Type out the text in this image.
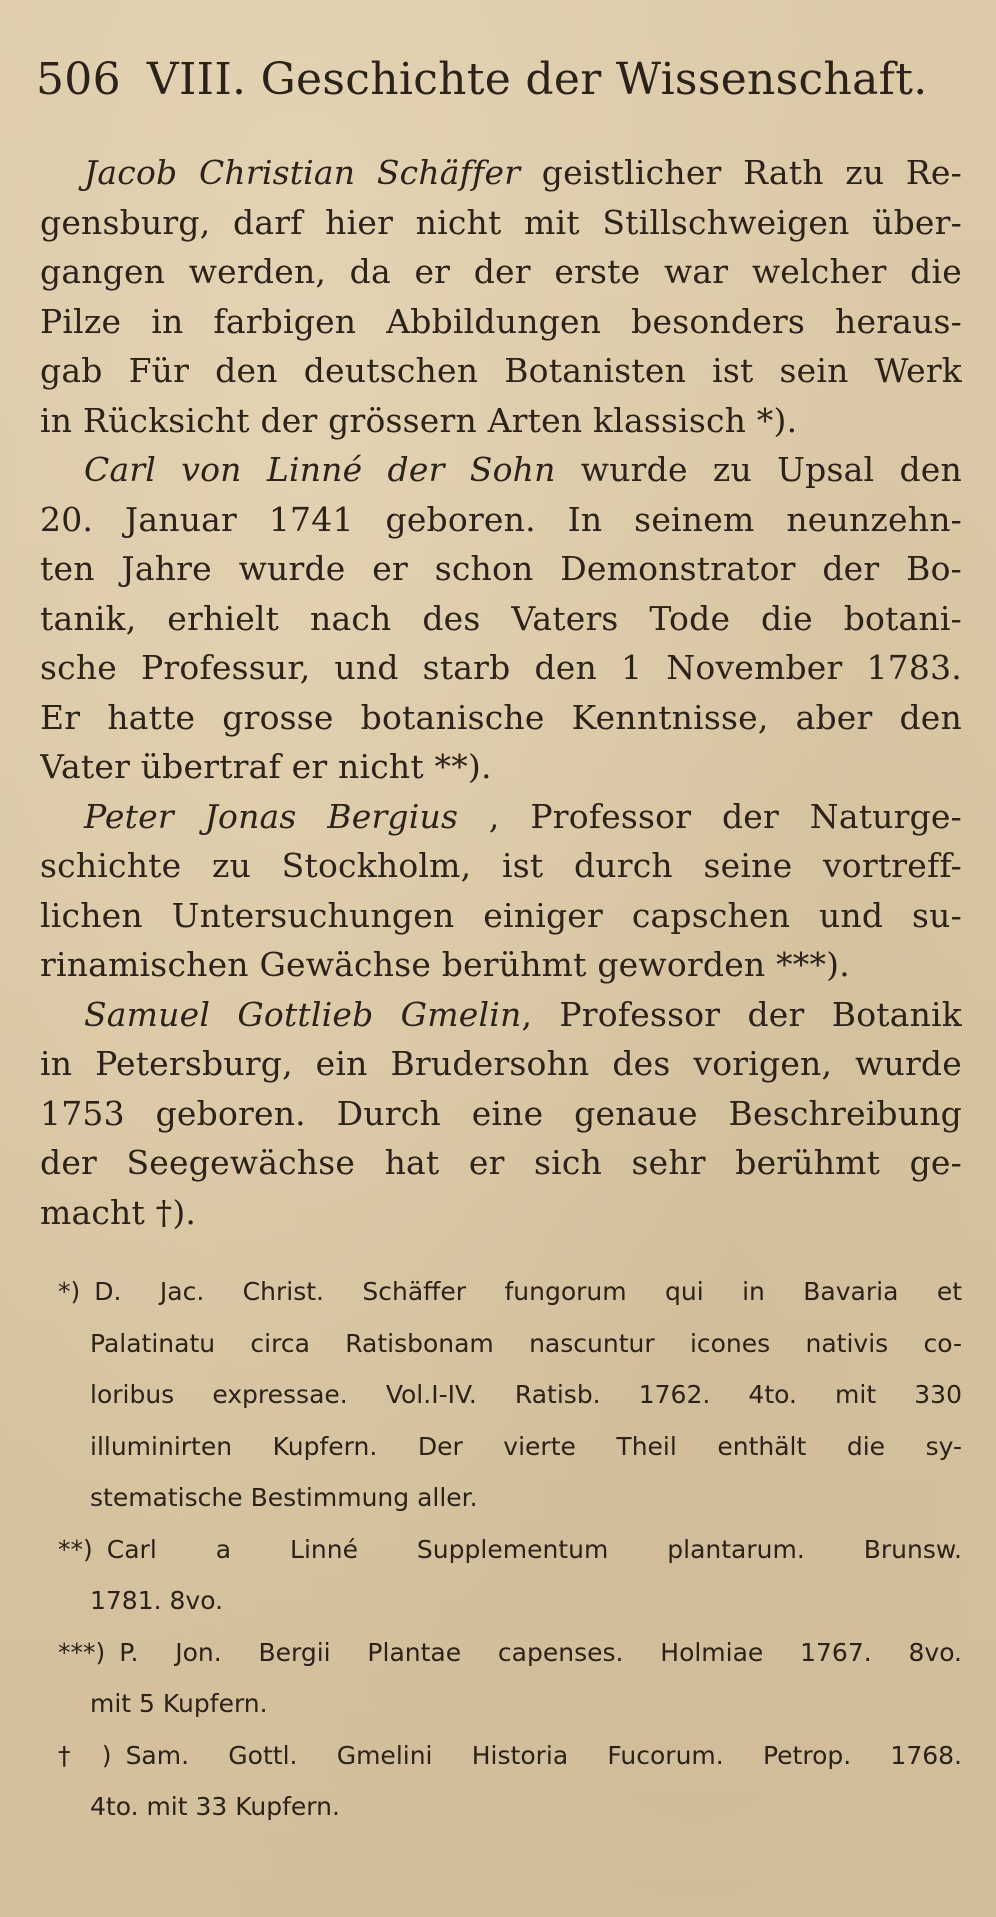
506 VIII. Geschichte der Wissenschaft.
Jacob Christian Schäffer geistlicher Rath zu Re-
gensburg, darf hier nicht mit Stillschweigen über-
gangen werden, da er der erste war welcher die
Pilze in farbigen Abbildungen besonders heraus-
gab Für den deutschen Botanisten ist sein Werk
in Rücksicht der grössern Arten klassisch *).
Carl von Linné der Sohn wurde zu Upsal den
20. Januar 1741 geboren. In seinem neunzehn-
ten Jahre wurde er schon Demonstrator der Bo-
tanik, erhielt nach des Vaters Tode die botani-
sche Professur, und starb den 1 November 1783.
Er hatte grosse botanische Kenntnisse, aber den
Vater übertraf er nicht **).
Peter Jonas Bergius , Professor der Naturge-
schichte zu Stockholm, ist durch seine vortreff-
lichen Untersuchungen einiger capschen und su-
rinamischen Gewächse berühmt geworden ***).
Samuel Gottlieb Gmelin, Professor der Botanik
in Petersburg, ein Brudersohn des vorigen, wurde
1753 geboren. Durch eine genaue Beschreibung
der Seegewächse hat er sich sehr berühmt ge-
macht †).
*) D. Jac. Christ. Schäffer fungorum qui in Bavaria et
Palatinatu circa Ratisbonam nascuntur icones nativis co-
loribus expressae. Vol.I-IV. Ratisb. 1762. 4to. mit 330
illuminirten Kupfern. Der vierte Theil enthält die sy-
stematische Bestimmung aller.
**) Carl a Linné Supplementum plantarum. Brunsw.
1781. 8vo.
***) P. Jon. Bergii Plantae capenses. Holmiae 1767. 8vo.
mit 5 Kupfern.
†) Sam. Gottl. Gmelini Historia Fucorum. Petrop. 1768.
4to. mit 33 Kupfern.
